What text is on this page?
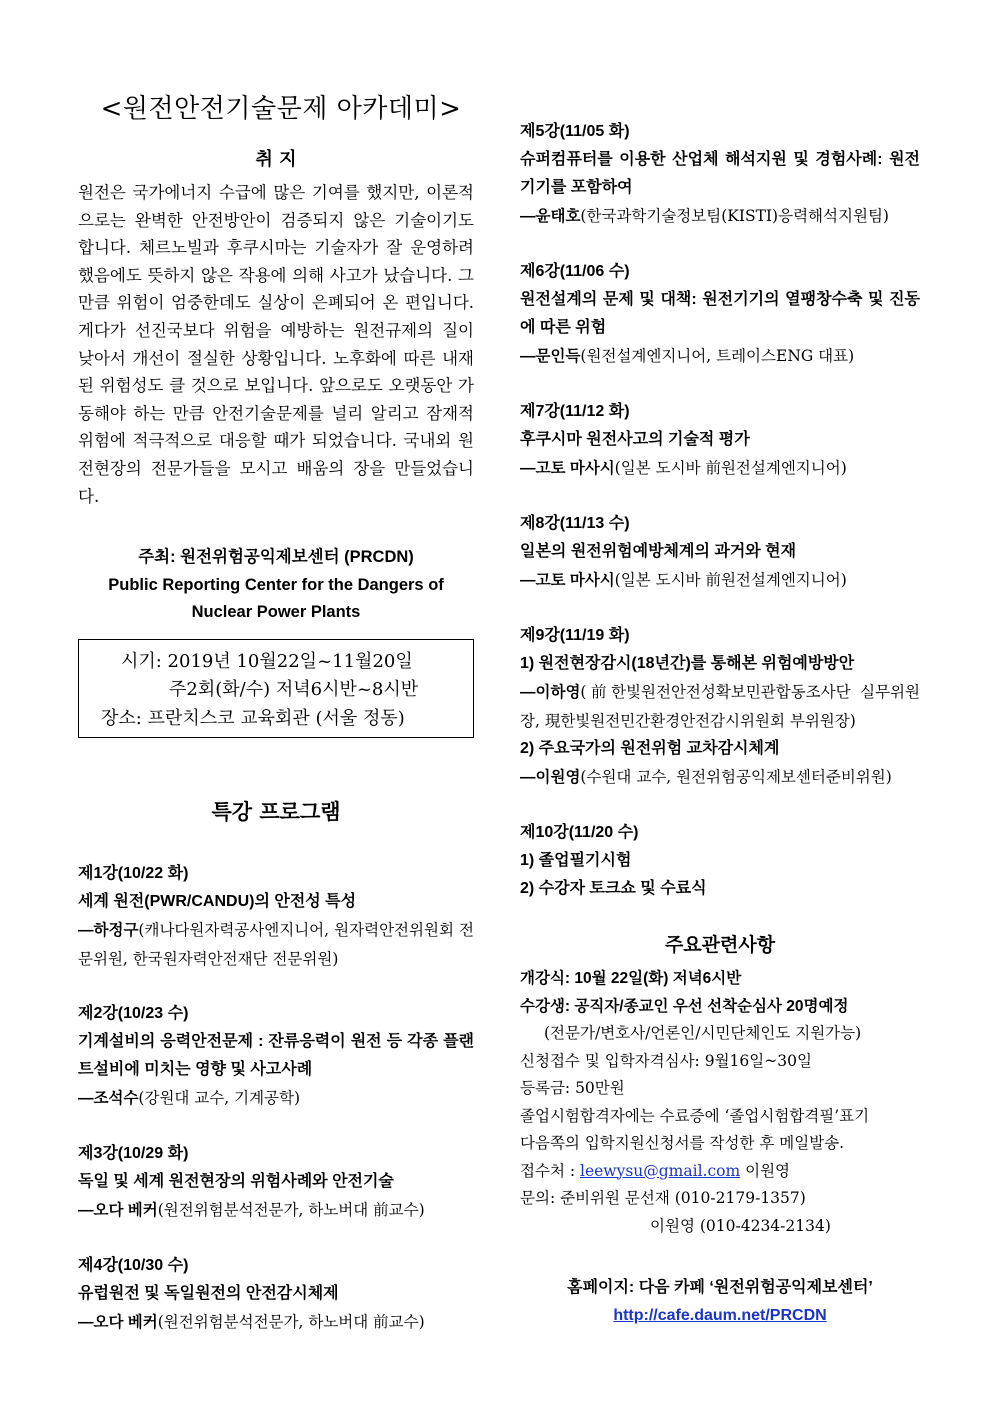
<원전안전기술문제 아카데미>
취 지

원전은 국가에너지 수급에 많은 기여를 했지만, 이론적으로는 완벽한 안전방안이 검증되지 않은 기술이기도 합니다. 체르노빌과 후쿠시마는 기술자가 잘 운영하려 했음에도 뜻하지 않은 작용에 의해 사고가 났습니다. 그만큼 위험이 엄중한데도 실상이 은폐되어 온 편입니다. 게다가 선진국보다 위험을 예방하는 원전규제의 질이 낮아서 개선이 절실한 상황입니다. 노후화에 따른 내재된 위험성도 클 것으로 보입니다. 앞으로도 오랫동안 가동해야 하는 만큼 안전기술문제를 널리 알리고 잠재적 위험에 적극적으로 대응할 때가 되었습니다. 국내외 원전현장의 전문가들을 모시고 배움의 장을 만들었습니다.

주최: 원전위험공익제보센터 (PRCDN)
Public Reporting Center for the Dangers of
Nuclear Power Plants
시기: 2019년 10월22일~11월20일
주2회(화/수) 저녁6시반~8시반
장소: 프란치스코 교육회관 (서울 정동)
특강 프로그램
제1강(10/22 화)
세계 원전(PWR/CANDU)의 안전성 특성
―하정구(캐나다원자력공사엔지니어, 원자력안전위원회 전문위원, 한국원자력안전재단 전문위원)
제2강(10/23 수)
기계설비의 응력안전문제 : 잔류응력이 원전 등 각종 플랜트설비에 미치는 영향 및 사고사례
―조석수(강원대 교수, 기계공학)
제3강(10/29 화)
독일 및 세계 원전현장의 위험사례와 안전기술
―오다 베커(원전위험분석전문가, 하노버대 前교수)
제4강(10/30 수)
유럽원전 및 독일원전의 안전감시체제
―오다 베커(원전위험분석전문가, 하노버대 前교수)
제5강(11/05 화)
슈퍼컴퓨터를 이용한 산업체 해석지원 및 경험사례: 원전기기를 포함하여
―윤태호(한국과학기술정보팀(KISTI)응력해석지원팀)
제6강(11/06 수)
원전설계의 문제 및 대책: 원전기기의 열팽창수축 및 진동에 따른 위험
―문인득(원전설계엔지니어, 트레이스ENG 대표)
제7강(11/12 화)
후쿠시마 원전사고의 기술적 평가
―고토 마사시(일본 도시바 前원전설계엔지니어)
제8강(11/13 수)
일본의 원전위험예방체계의 과거와 현재
―고토 마사시(일본 도시바 前원전설계엔지니어)
제9강(11/19 화)
1) 원전현장감시(18년간)를 통해본 위험예방방안
―이하영(前한빛원전안전성확보민관합동조사단 실무위원장, 現한빛원전민간환경안전감시위원회 부위원장)
2) 주요국가의 원전위험 교차감시체계
―이원영(수원대 교수, 원전위험공익제보센터준비위원)
제10강(11/20 수)
1) 졸업필기시험
2) 수강자 토크쇼 및 수료식
주요관련사항
개강식: 10월 22일(화) 저녁6시반
수강생: 공직자/종교인 우선 선착순심사 20명예정
(전문가/변호사/언론인/시민단체인도 지원가능)
신청접수 및 입학자격심사: 9월16일~30일
등록금: 50만원
졸업시험합격자에는 수료증에 ‘졸업시험합격필’표기
다음쪽의 입학지원신청서를 작성한 후 메일발송.
접수처 : leewysu@gmail.com 이원영
문의: 준비위원 문선재 (010-2179-1357)
이원영 (010-4234-2134)
홈페이지: 다음 카페 ‘원전위험공익제보센터’
http://cafe.daum.net/PRCDN
